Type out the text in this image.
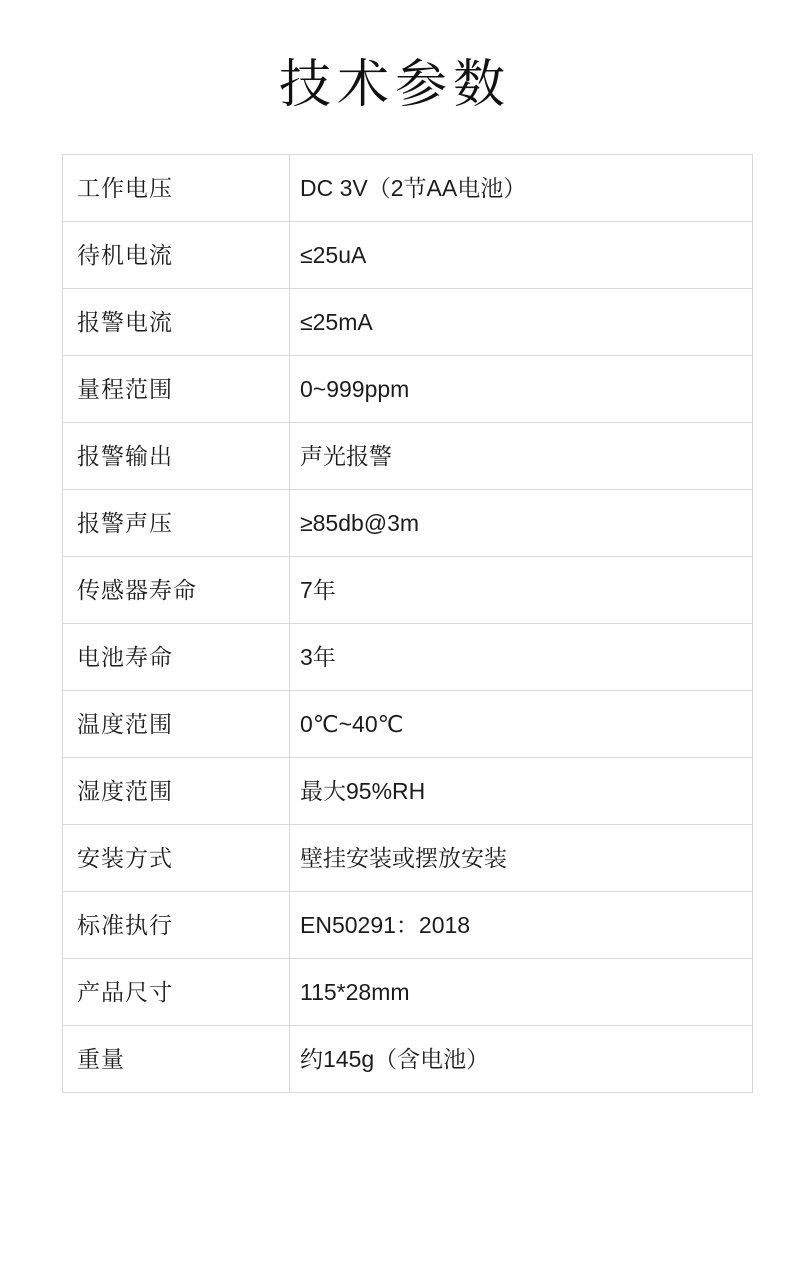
技术参数
工作电压	DC 3V（2节AA电池）
待机电流	≤25uA
报警电流	≤25mA
量程范围	0~999ppm
报警输出	声光报警
报警声压	≥85db@3m
传感器寿命	7年
电池寿命	3年
温度范围	0℃~40℃
湿度范围	最大95%RH
安装方式	壁挂安装或摆放安装
标准执行	EN50291：2018
产品尺寸	115*28mm
重量	约145g（含电池）
